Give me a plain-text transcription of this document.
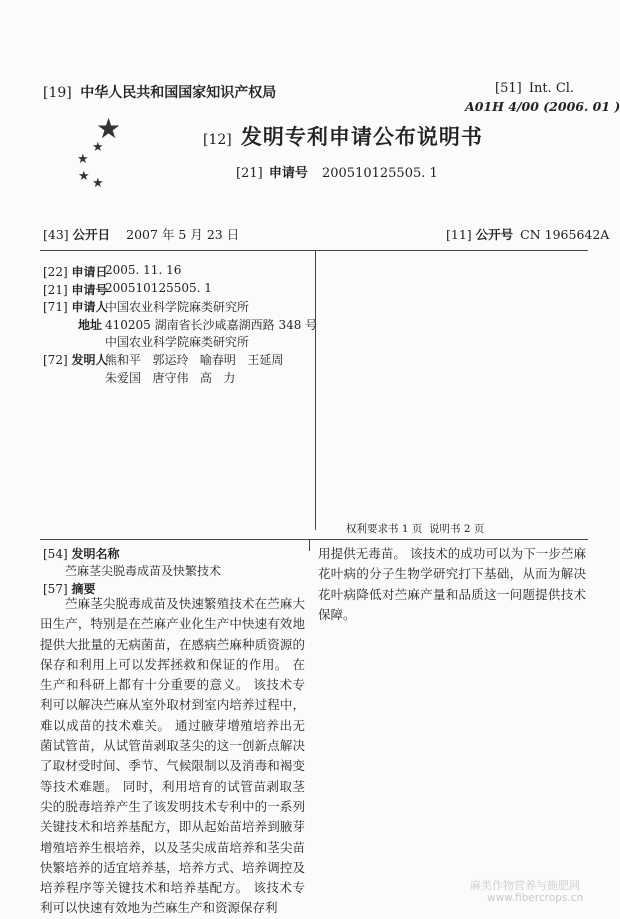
[19] 中华人民共和国国家知识产权局	[51] Int. Cl.
A01H 4/00 (2006. 01 )
★
★
★
★ ★
[12] 发明专利申请公布说明书
[21] 申请号 200510125505. 1
[43] 公开日 2007 年 5 月 23 日	[11] 公开号 CN 1965642A
[22] 申请日
2005. 11. 16
[21] 申请号
200510125505. 1
[71] 申请人
中国农业科学院麻类研究所
地址 410205 湖南省长沙咸嘉湖西路 348 号
中国农业科学院麻类研究所
[72] 发明人
熊和平   郭运玲   喻春明   王延周
朱爱国   唐守伟   高   力
权利要求书 1 页  说明书 2 页
[54] 发明名称
苎麻茎尖脱毒成苗及快繁技术
[57] 摘要
苎麻茎尖脱毒成苗及快速繁殖技术在苎麻大田生产，特别是在苎麻产业化生产中快速有效地提供大批量的无病菌苗，在感病苎麻种质资源的保存和利用上可以发挥拯救和保证的作用。 在生产和科研上都有十分重要的意义。 该技术专利可以解决苎麻从室外取材到室内培养过程中，难以成苗的技术难关。 通过腋芽增殖培养出无菌试管苗，从试管苗剥取茎尖的这一创新点解决了取材受时间、季节、气候限制以及消毒和褐变等技术难题。 同时，利用培育的试管苗剥取茎尖的脱毒培养产生了该发明技术专利中的一系列关键技术和培养基配方，即从起始苗培养到腋芽增殖培养生根培养，以及茎尖成苗培养和茎尖苗快繁培养的适宜培养基，培养方式、培养调控及培养程序等关键技术和培养基配方。 该技术专利可以快速有效地为苎麻生产和资源保存利
用提供无毒苗。 该技术的成功可以为下一步苎麻花叶病的分子生物学研究打下基础，从而为解决花叶病降低对苎麻产量和品质这一问题提供技术保障。
麻类作物营养与施肥网
www.fibercrops.cn
